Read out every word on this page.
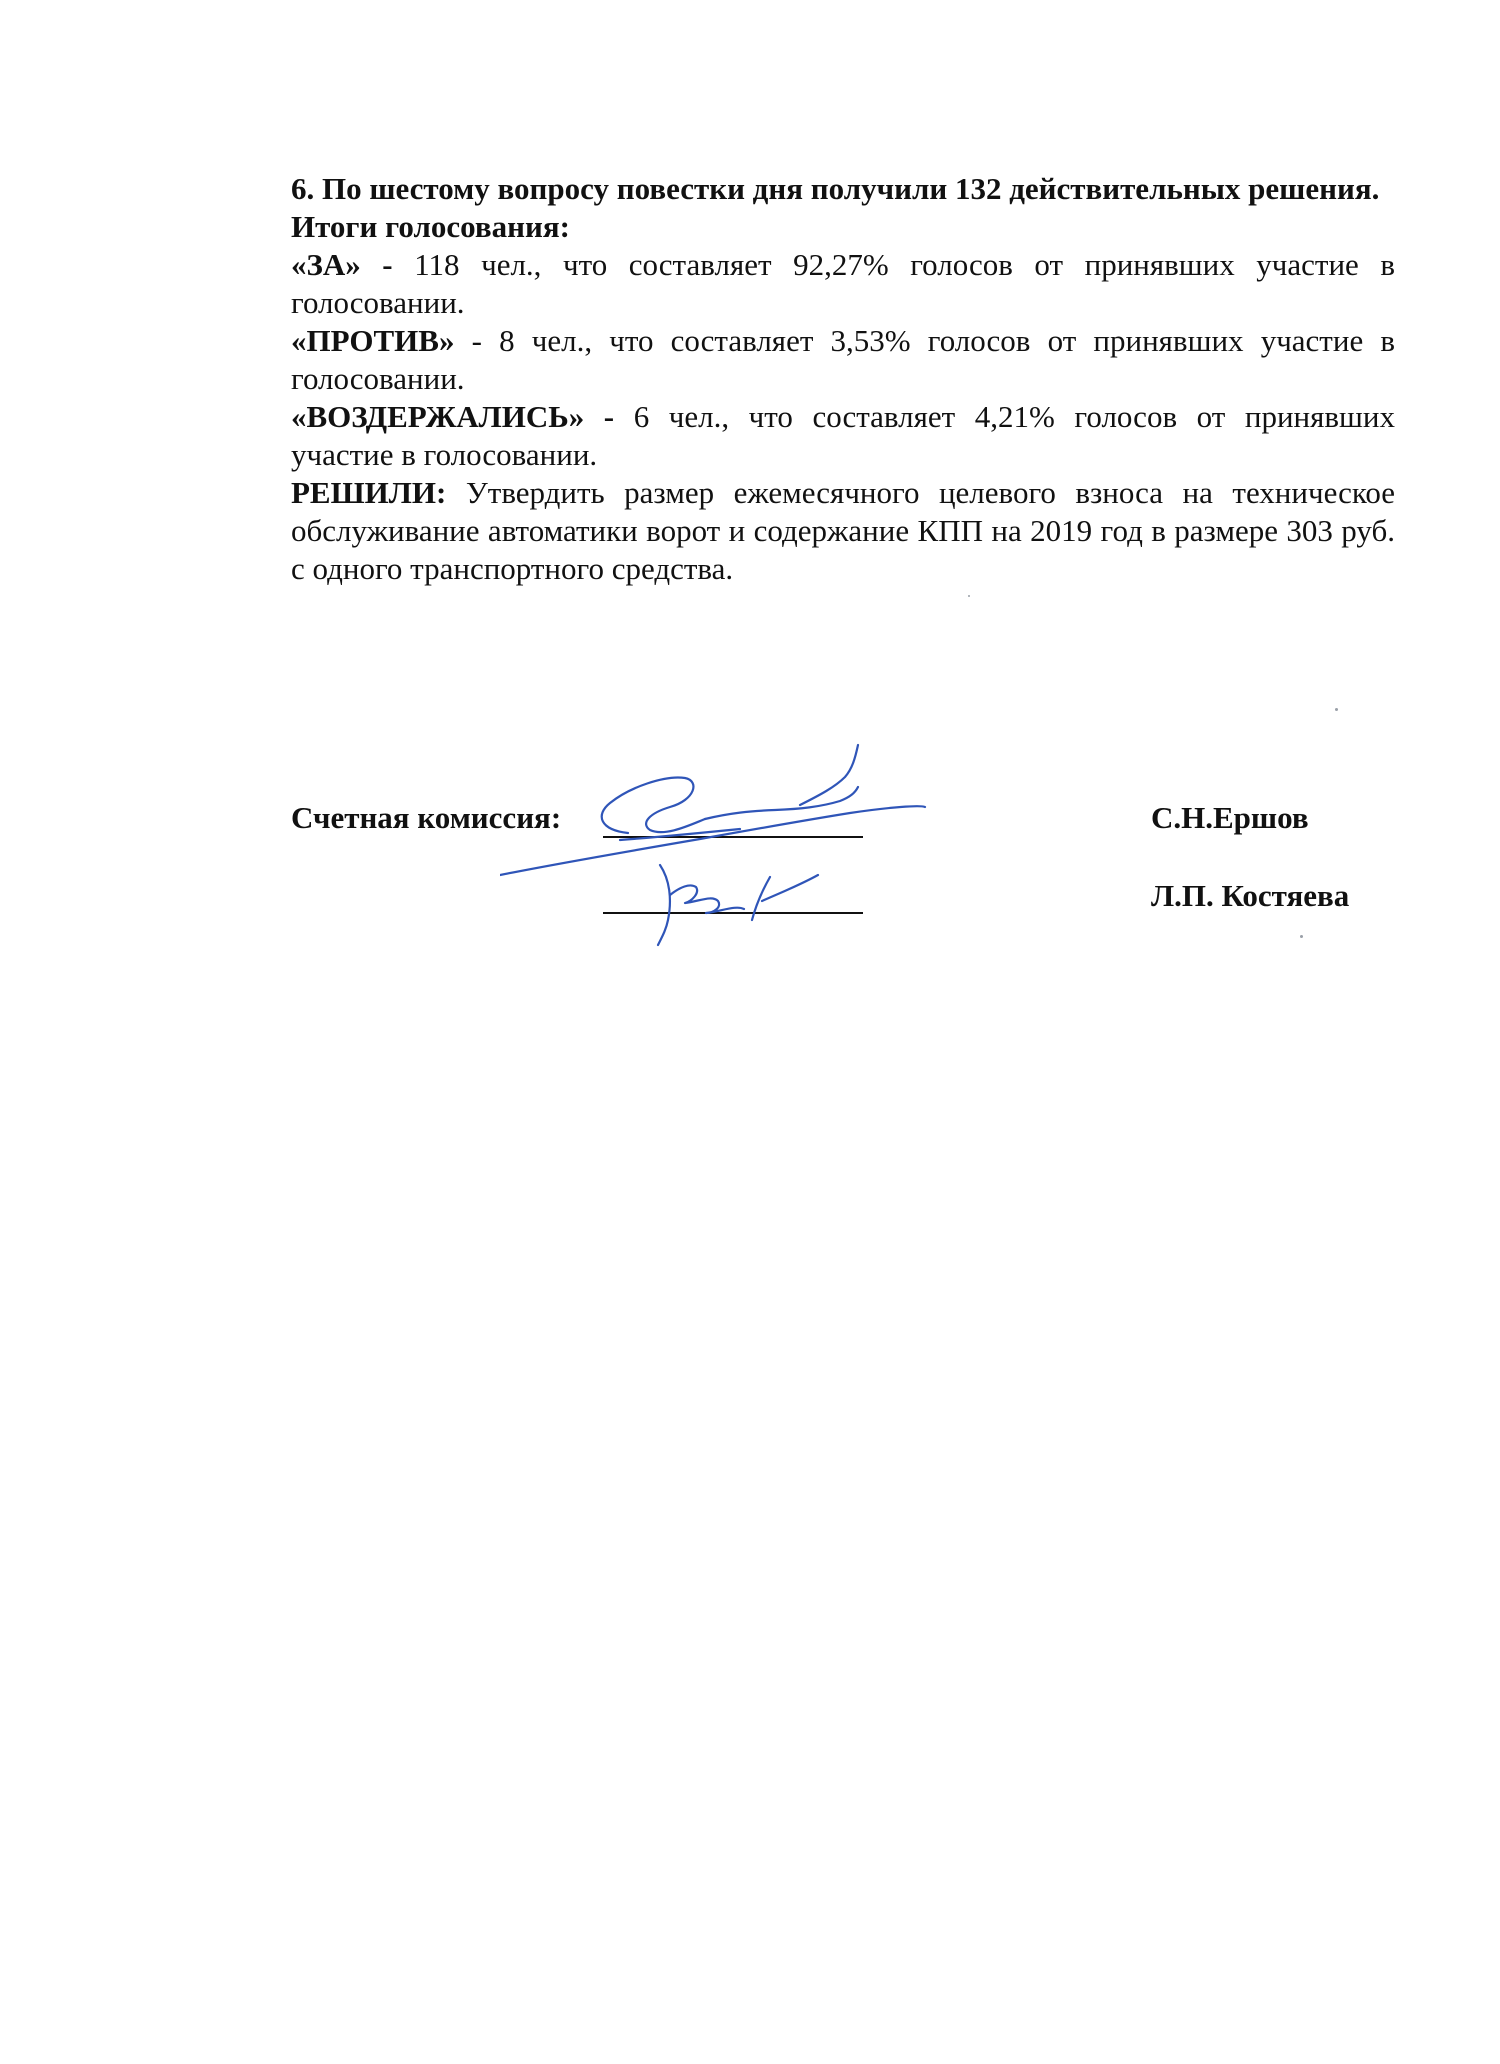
6. По шестому вопросу повестки дня получили 132 действительных решения.

Итоги голосования:

«ЗА» - 118 чел., что составляет 92,27% голосов от принявших участие в голосовании.

«ПРОТИВ» - 8 чел., что составляет 3,53% голосов от принявших участие в голосовании.

«ВОЗДЕРЖАЛИСЬ» - 6 чел., что составляет 4,21% голосов от принявших участие в голосовании.

РЕШИЛИ: Утвердить размер ежемесячного целевого взноса на техническое обслуживание автоматики ворот и содержание КПП на 2019 год в размере 303 руб. с одного транспортного средства.

Счетная комиссия:	С.Н.Ершов
Л.П. Костяева
